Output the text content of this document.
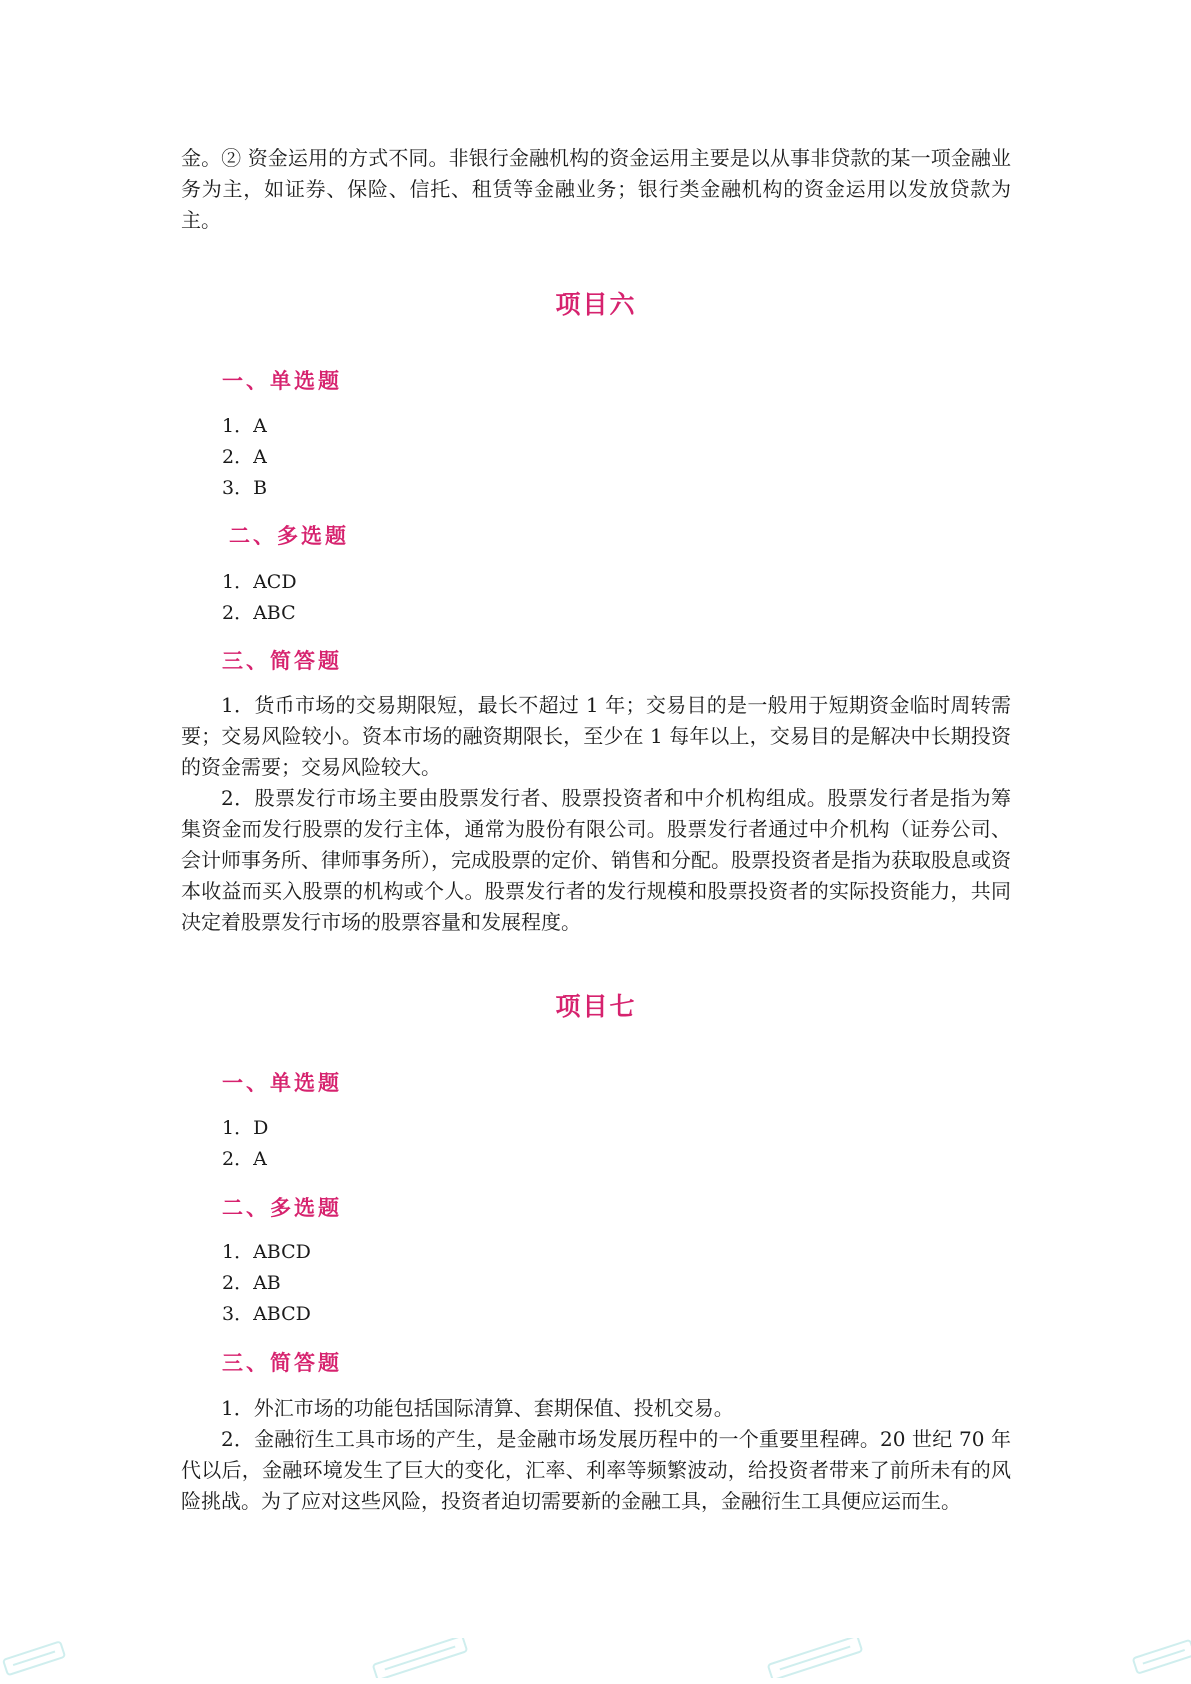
金。② 资金运用的方式不同。非银行金融机构的资金运用主要是以从事非贷款的某一项金融业务为主，如证券、保险、信托、租赁等金融业务；银行类金融机构的资金运用以发放贷款为主。

项目六
一、单选题
1．A
2．A
3．B
二、多选题
1．ACD
2．ABC
三、简答题

1．货币市场的交易期限短，最长不超过 1 年；交易目的是一般用于短期资金临时周转需要；交易风险较小。资本市场的融资期限长，至少在 1 每年以上，交易目的是解决中长期投资的资金需要；交易风险较大。

2．股票发行市场主要由股票发行者、股票投资者和中介机构组成。股票发行者是指为筹集资金而发行股票的发行主体，通常为股份有限公司。股票发行者通过中介机构（证券公司、会计师事务所、律师事务所），完成股票的定价、销售和分配。股票投资者是指为获取股息或资本收益而买入股票的机构或个人。股票发行者的发行规模和股票投资者的实际投资能力，共同决定着股票发行市场的股票容量和发展程度。

项目七
一、单选题
1．D
2．A
二、多选题
1．ABCD
2．AB
3．ABCD
三、简答题

1．外汇市场的功能包括国际清算、套期保值、投机交易。

2．金融衍生工具市场的产生，是金融市场发展历程中的一个重要里程碑。20 世纪 70 年代以后，金融环境发生了巨大的变化，汇率、利率等频繁波动，给投资者带来了前所未有的风险挑战。为了应对这些风险，投资者迫切需要新的金融工具，金融衍生工具便应运而生。
